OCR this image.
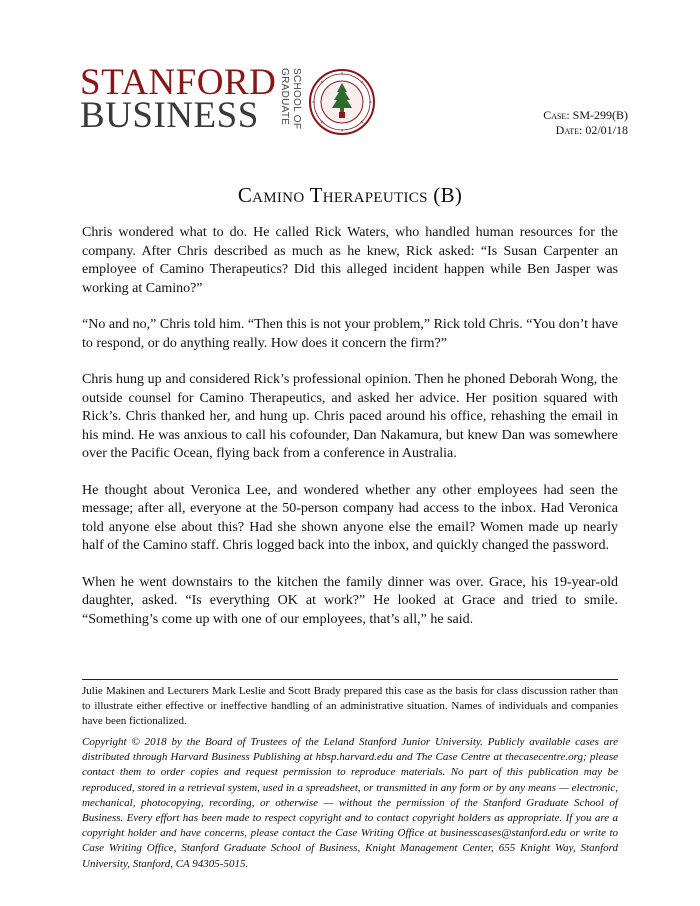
STANFORD
BUSINESS GRADUATE SCHOOL OF	Case: SM-299(B)
Date: 02/01/18
Camino Therapeutics (B)

Chris wondered what to do. He called Rick Waters, who handled human resources for the company. After Chris described as much as he knew, Rick asked: “Is Susan Carpenter an employee of Camino Therapeutics? Did this alleged incident happen while Ben Jasper was working at Camino?”

“No and no,” Chris told him. “Then this is not your problem,” Rick told Chris. “You don’t have to respond, or do anything really. How does it concern the firm?”

Chris hung up and considered Rick’s professional opinion. Then he phoned Deborah Wong, the outside counsel for Camino Therapeutics, and asked her advice. Her position squared with Rick’s. Chris thanked her, and hung up. Chris paced around his office, rehashing the email in his mind. He was anxious to call his cofounder, Dan Nakamura, but knew Dan was somewhere over the Pacific Ocean, flying back from a conference in Australia.

He thought about Veronica Lee, and wondered whether any other employees had seen the message; after all, everyone at the 50-person company had access to the inbox. Had Veronica told anyone else about this? Had she shown anyone else the email? Women made up nearly half of the Camino staff. Chris logged back into the inbox, and quickly changed the password.

When he went downstairs to the kitchen the family dinner was over. Grace, his 19-year-old daughter, asked. “Is everything OK at work?” He looked at Grace and tried to smile. “Something’s come up with one of our employees, that’s all,” he said.

Julie Makinen and Lecturers Mark Leslie and Scott Brady prepared this case as the basis for class discussion rather than to illustrate either effective or ineffective handling of an administrative situation. Names of individuals and companies have been fictionalized.
Copyright © 2018 by the Board of Trustees of the Leland Stanford Junior University. Publicly available cases are distributed through Harvard Business Publishing at hbsp.harvard.edu and The Case Centre at thecasecentre.org; please contact them to order copies and request permission to reproduce materials. No part of this publication may be reproduced, stored in a retrieval system, used in a spreadsheet, or transmitted in any form or by any means — electronic, mechanical, photocopying, recording, or otherwise — without the permission of the Stanford Graduate School of Business. Every effort has been made to respect copyright and to contact copyright holders as appropriate. If you are a copyright holder and have concerns, please contact the Case Writing Office at businesscases@stanford.edu or write to Case Writing Office, Stanford Graduate School of Business, Knight Management Center, 655 Knight Way, Stanford University, Stanford, CA 94305-5015.
